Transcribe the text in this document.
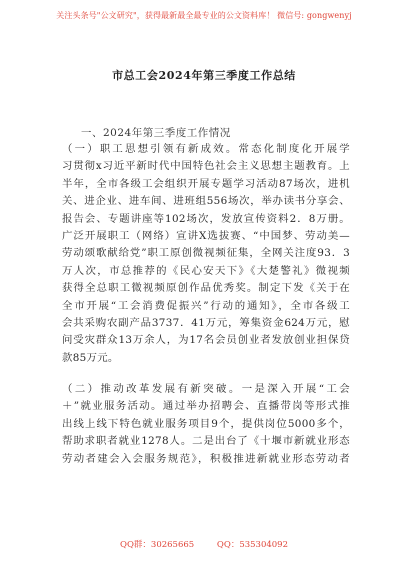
关注头条号"公文研究"，获得最新最全最专业的公文资料库！ 微信号: gongwenyj
市总工会2024年第三季度工作总结
一、2024年第三季度工作情况
（一）职工思想引领有新成效。常态化制度化开展学
习贯彻x习近平新时代中国特色社会主义思想主题教育。上
半年，全市各级工会组织开展专题学习活动87场次，进机
关、进企业、进车间、进班组556场次，举办读书分享会、
报告会、专题讲座等102场次，发放宣传资料2．8万册。
广泛开展职工（网络）宣讲X选拔赛、“中国梦、劳动美—
劳动颂歌献给党”职工原创微视频征集，全网关注度93．3
万人次，市总推荐的《民心安天下》《大楚警礼》微视频
获得全总职工微视频原创作品优秀奖。制定下发《关于在
全市开展“工会消费促振兴”行动的通知》，全市各级工
会共采购农副产品3737．41万元，筹集资金624万元，慰
问受灾群众13万余人，为17名会员创业者发放创业担保贷
款85万元。
（二）推动改革发展有新突破。一是深入开展“工会
＋”就业服务活动。通过举办招聘会、直播带岗等形式推
出线上线下特色就业服务项目9个，提供岗位5000多个，
帮助求职者就业1278人。二是出台了《十堰市新就业形态
劳动者建会入会服务规范》，积极推进新就业形态劳动者
QQ群：30265665	QQ：535304092
